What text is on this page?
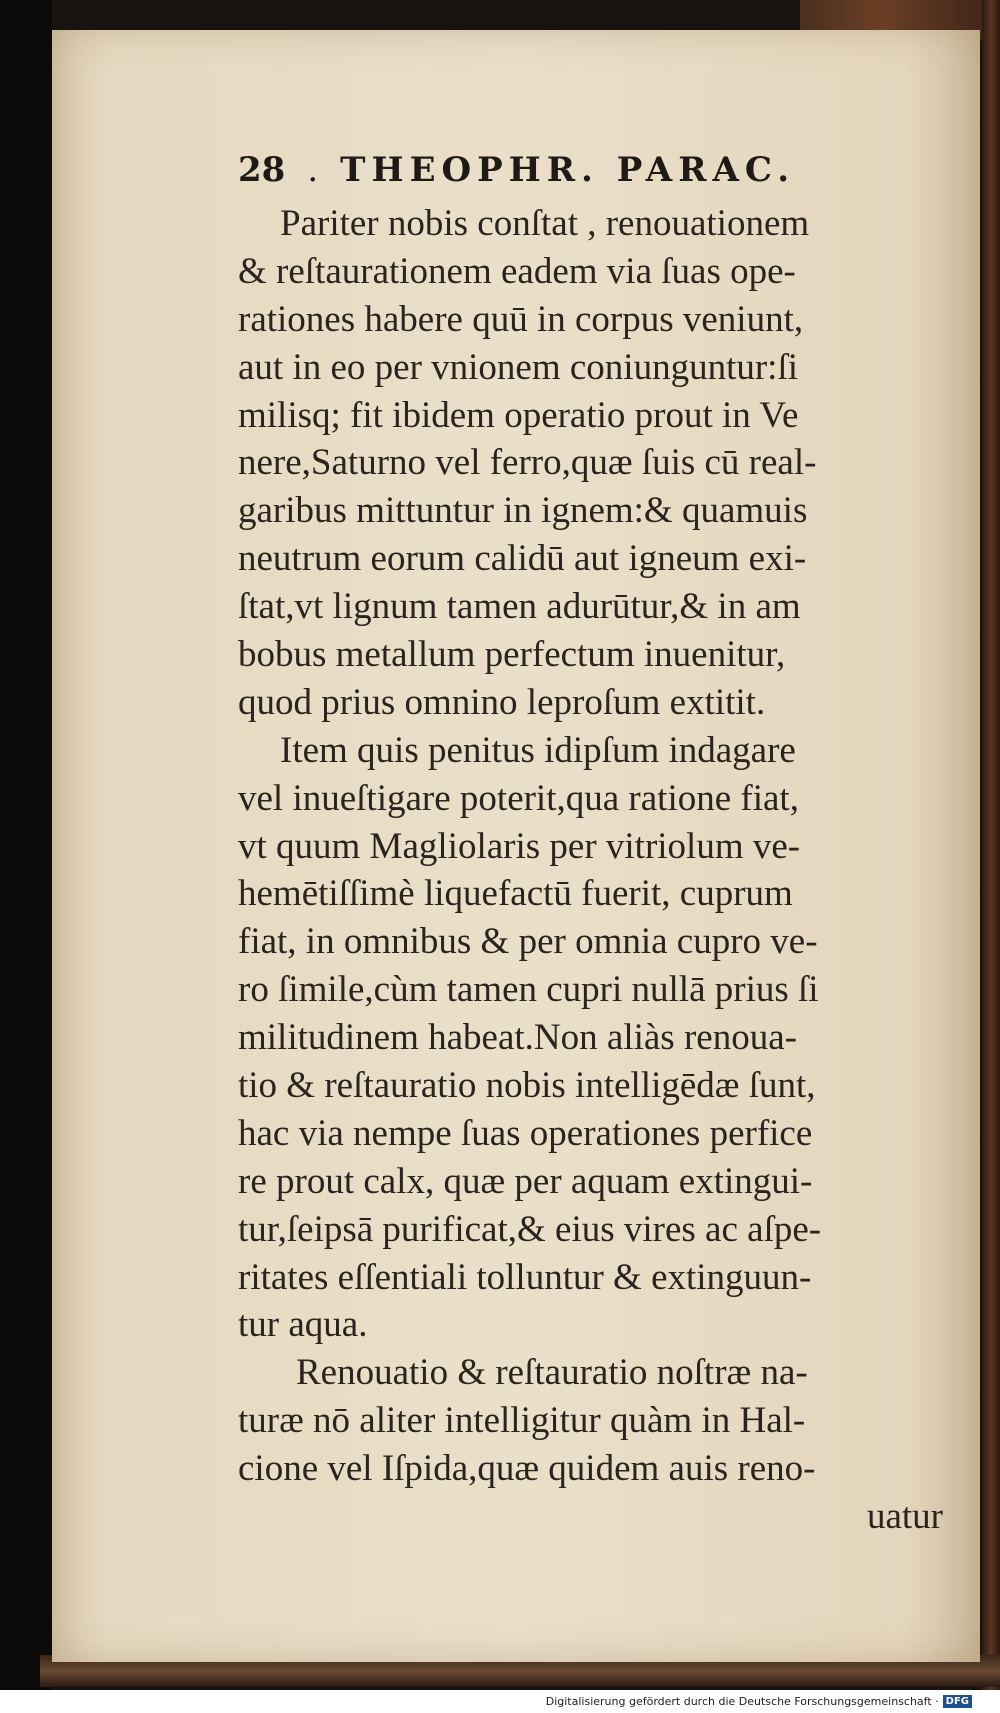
28 . THEOPHR. PARAC.
Pariter nobis conſtat , renouationem
& reſtaurationem eadem via ſuas ope-
rationes habere quū in corpus veniunt,
aut in eo per vnionem coniunguntur:ſi
milisq; fit ibidem operatio prout in Ve
nere,Saturno vel ferro,quæ ſuis cū real-
garibus mittuntur in ignem:& quamuis
neutrum eorum calidū aut igneum exi-
ſtat,vt lignum tamen adurūtur,& in am
bobus metallum perfectum inuenitur,
quod prius omnino leproſum extitit.
Item quis penitus idipſum indagare
vel inueſtigare poterit,qua ratione fiat,
vt quum Magliolaris per vitriolum ve-
hemētiſſimè liquefactū fuerit, cuprum
fiat, in omnibus & per omnia cupro ve-
ro ſimile,cùm tamen cupri nullā prius ſi
militudinem habeat.Non aliàs renoua-
tio & reſtauratio nobis intelligēdæ ſunt,
hac via nempe ſuas operationes perfice
re prout calx, quæ per aquam extingui-
tur,ſeipsā purificat,& eius vires ac aſpe-
ritates eſſentiali tolluntur & extinguun-
tur aqua.
Renouatio & reſtauratio noſtræ na-
turæ nō aliter intelligitur quàm in Hal-
cione vel Iſpida,quæ quidem auis reno-
uatur
Digitalisierung gefördert durch die Deutsche Forschungsgemeinschaft · DFG
